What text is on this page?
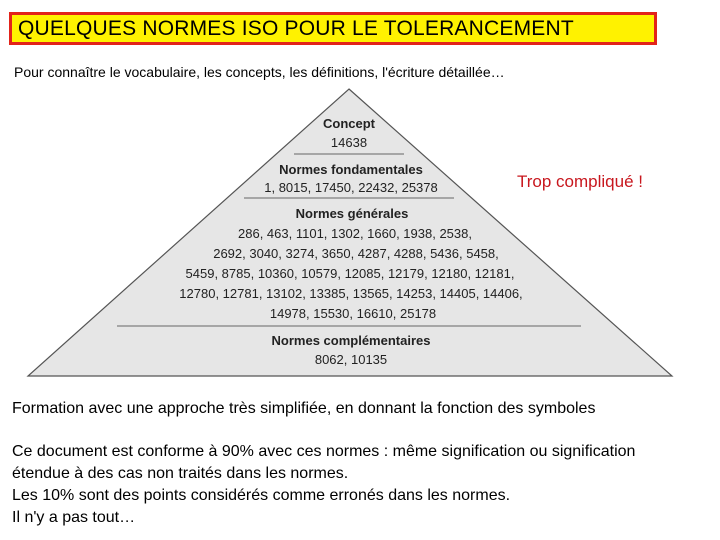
QUELQUES NORMES ISO POUR LE TOLERANCEMENT
Pour connaître le vocabulaire, les concepts, les définitions, l'écriture détaillée…
Concept
14638
Normes fondamentales
1, 8015, 17450, 22432, 25378
Normes générales
286, 463, 1101, 1302, 1660, 1938, 2538,
2692, 3040, 3274, 3650, 4287, 4288, 5436, 5458,
5459, 8785, 10360, 10579, 12085, 12179, 12180, 12181,
12780, 12781, 13102, 13385, 13565, 14253, 14405, 14406,
14978, 15530, 16610, 25178
Normes complémentaires
8062, 10135
Trop compliqué !
Formation avec une approche très simplifiée, en donnant la fonction des symboles
Ce document est conforme à 90% avec ces normes : même signification ou signification
étendue à des cas non traités dans les normes.
Les 10% sont des points considérés comme erronés dans les normes.
Il n'y a pas tout…
